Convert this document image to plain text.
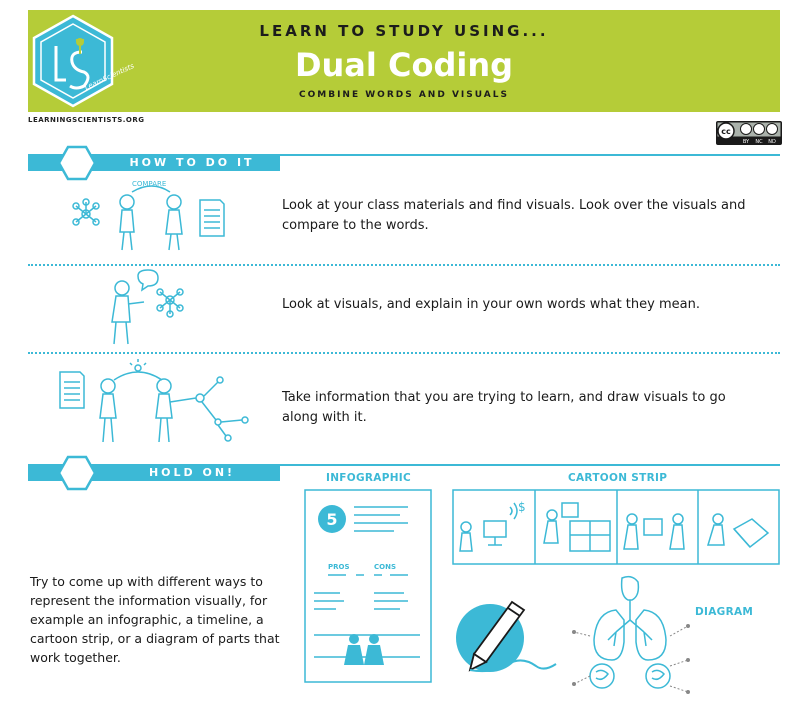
LEARN TO STUDY USING...
Dual Coding
COMBINE WORDS AND VISUALS
LearnScientists
LEARNINGSCIENTISTS.ORG
cc
BY NC ND
HOW TO DO IT
COMPARE
Look at your class materials and find visuals. Look over the visuals and compare to the words.
Look at visuals, and explain in your own words what they mean.
Take information that you are trying to learn, and draw visuals to go along with it.
HOLD ON!
Try to come up with different ways to represent the information visually, for example an infographic, a timeline, a cartoon strip, or a diagram of parts that work together.
INFOGRAPHIC
5
PROS	CONS
CARTOON STRIP
$
DIAGRAM
